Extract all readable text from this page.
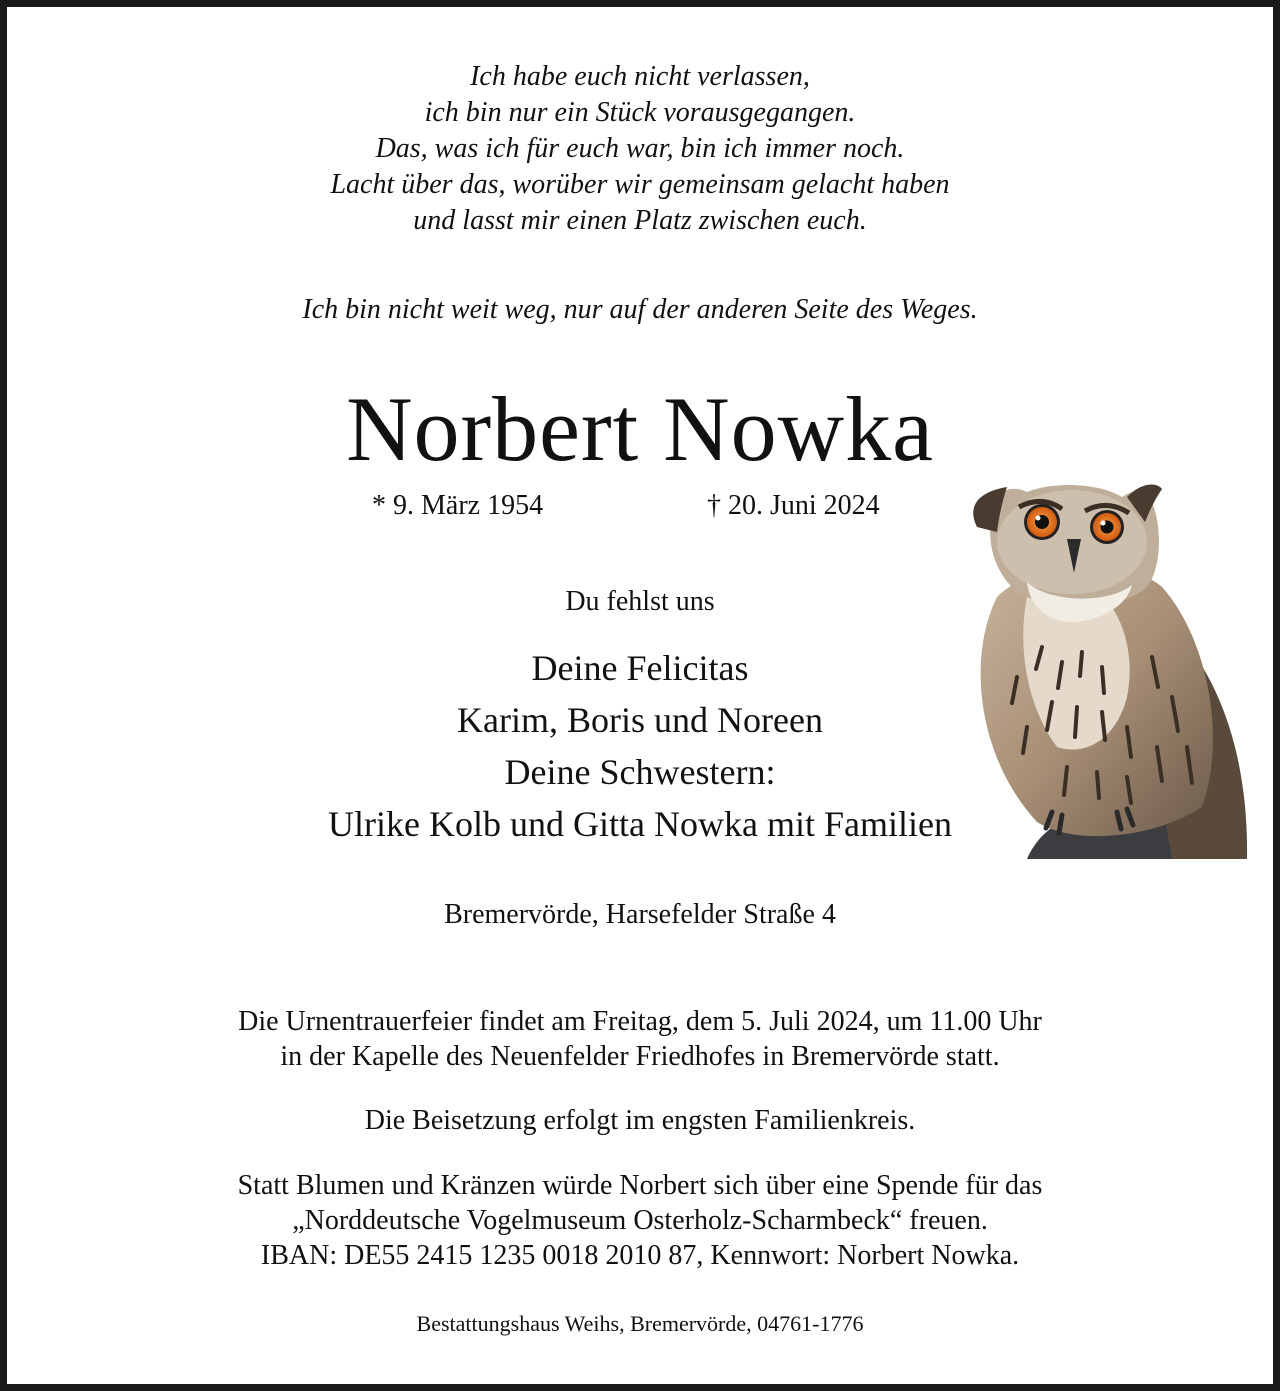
Ich habe euch nicht verlassen,

ich bin nur ein Stück vorausgegangen.

Das, was ich für euch war, bin ich immer noch.

Lacht über das, worüber wir gemeinsam gelacht haben

und lasst mir einen Platz zwischen euch.

Ich bin nicht weit weg, nur auf der anderen Seite des Weges.

Norbert Nowka

* 9. März 1954	† 20. Juni 2024

Du fehlst uns

Deine Felicitas

Karim, Boris und Noreen

Deine Schwestern:

Ulrike Kolb und Gitta Nowka mit Familien

Bremervörde, Harsefelder Straße 4

Die Urnentrauerfeier findet am Freitag, dem 5. Juli 2024, um 11.00 Uhr

in der Kapelle des Neuenfelder Friedhofes in Bremervörde statt.

Die Beisetzung erfolgt im engsten Familienkreis.

Statt Blumen und Kränzen würde Norbert sich über eine Spende für das

„Norddeutsche Vogelmuseum Osterholz-Scharmbeck“ freuen.

IBAN: DE55 2415 1235 0018 2010 87, Kennwort: Norbert Nowka.

Bestattungshaus Weihs, Bremervörde, 04761-1776
